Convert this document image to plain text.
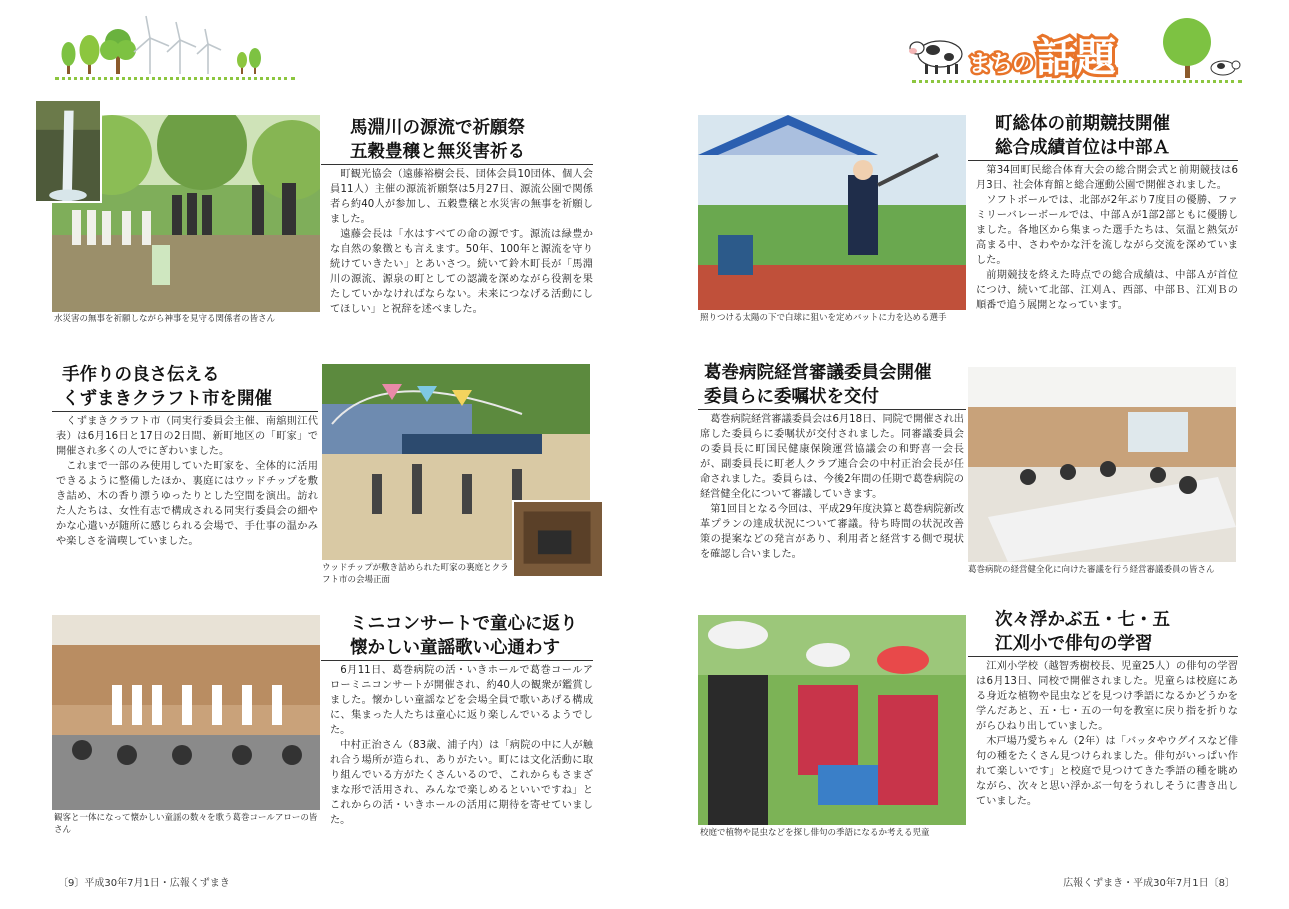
まちの 話題
水災害の無事を祈願しながら神事を見守る関係者の皆さん
馬淵川の源流で祈願祭
五穀豊穣と無災害祈る

町観光協会（遠藤裕樹会長、団体会員10団体、個人会員11人）主催の源流祈願祭は5月27日、源流公園で関係者ら約40人が参加し、五穀豊穣と水災害の無事を祈願しました。

遠藤会長は「水はすべての命の源です。源流は緑豊かな自然の象徴とも言えます。50年、100年と源流を守り続けていきたい」とあいさつ。続いて鈴木町長が「馬淵川の源流、源泉の町としての認識を深めながら役割を果たしていかなければならない。未来につなげる活動にしてほしい」と祝辞を述べました。

手作りの良さ伝える
くずまきクラフト市を開催

くずまきクラフト市（同実行委員会主催、南舘則江代表）は6月16日と17日の2日間、新町地区の「町家」で開催され多くの人でにぎわいました。

これまで一部のみ使用していた町家を、全体的に活用できるように整備したほか、裏庭にはウッドチップを敷き詰め、木の香り漂うゆったりとした空間を演出。訪れた人たちは、女性有志で構成される同実行委員会の細やかな心遣いが随所に感じられる会場で、手仕事の温かみや楽しさを満喫していました。

ウッドチップが敷き詰められた町家の裏庭とクラフト市の会場正面
観客と一体になって懐かしい童謡の数々を歌う葛巻コールアローの皆さん
ミニコンサートで童心に返り
懐かしい童謡歌い心通わす

6月11日、葛巻病院の活・いきホールで葛巻コールアローミニコンサートが開催され、約40人の観衆が鑑賞しました。懐かしい童謡などを会場全員で歌いあげる構成に、集まった人たちは童心に返り楽しんでいるようでした。

中村正治さん（83歳、浦子内）は「病院の中に人が触れ合う場所が造られ、ありがたい。町には文化活動に取り組んでいる方がたくさんいるので、これからもさまざまな形で活用され、みんなで楽しめるといいですね」とこれからの活・いきホールの活用に期待を寄せていました。

照りつける太陽の下で白球に狙いを定めバットに力を込める選手
町総体の前期競技開催
総合成績首位は中部Ａ

第34回町民総合体育大会の総合開会式と前期競技は6月3日、社会体育館と総合運動公園で開催されました。

ソフトボールでは、北部が2年ぶり7度目の優勝、ファミリーバレーボールでは、中部Ａが1部2部ともに優勝しました。各地区から集まった選手たちは、気温と熱気が高まる中、さわやかな汗を流しながら交流を深めていました。

前期競技を終えた時点での総合成績は、中部Ａが首位につけ、続いて北部、江刈Ａ、西部、中部Ｂ、江刈Ｂの順番で追う展開となっています。

葛巻病院経営審議委員会開催
委員らに委嘱状を交付

葛巻病院経営審議委員会は6月18日、同院で開催され出席した委員らに委嘱状が交付されました。同審議委員会の委員長に町国民健康保険運営協議会の和野喜一会長が、副委員長に町老人クラブ連合会の中村正治会長が任命されました。委員らは、今後2年間の任期で葛巻病院の経営健全化について審議していきます。

第1回目となる今回は、平成29年度決算と葛巻病院新改革プランの達成状況について審議。待ち時間の状況改善策の提案などの発言があり、利用者と経営する側で現状を確認し合いました。

葛巻病院の経営健全化に向けた審議を行う経営審議委員の皆さん
校庭で植物や昆虫などを探し俳句の季語になるか考える児童
次々浮かぶ五・七・五
江刈小で俳句の学習

江刈小学校（越智秀樹校長、児童25人）の俳句の学習は6月13日、同校で開催されました。児童らは校庭にある身近な植物や昆虫などを見つけ季語になるかどうかを学んだあと、五・七・五の一句を教室に戻り指を折りながらひねり出していました。

木戸場乃愛ちゃん（2年）は「バッタやウグイスなど俳句の種をたくさん見つけられました。俳句がいっぱい作れて楽しいです」と校庭で見つけてきた季語の種を眺めながら、次々と思い浮かぶ一句をうれしそうに書き出していました。

〔9〕平成30年7月1日・広報くずまき	広報くずまき・平成30年7月1日〔8〕
